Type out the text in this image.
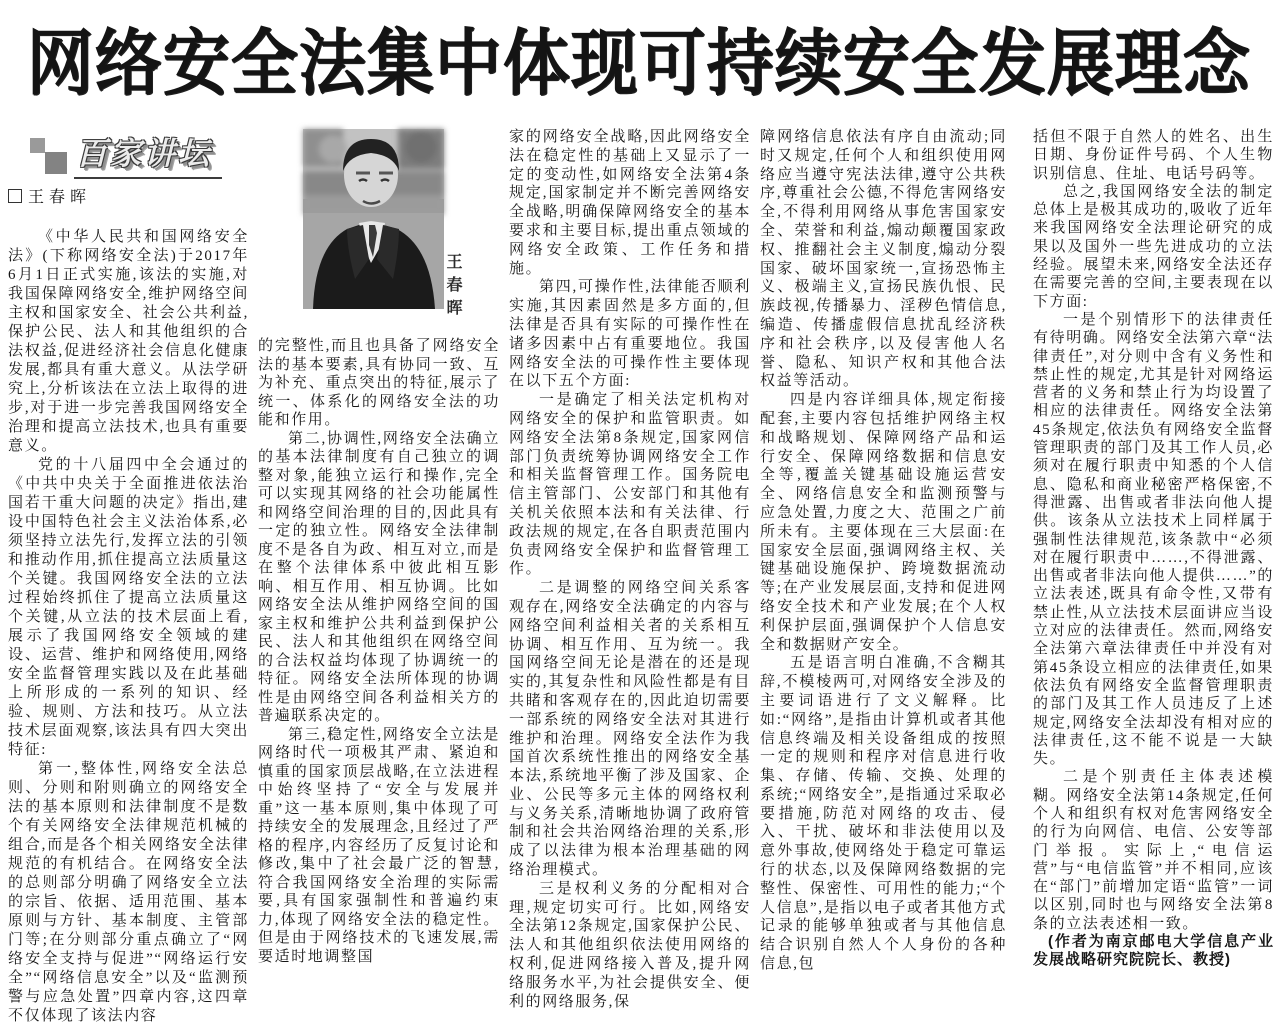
网络安全法集中体现可持续安全发展理念
百家讲坛
王春晖
王春晖

《中华人民共和国网络安全法》(下称网络安全法)于2017年6月1日正式实施,该法的实施,对我国保障网络安全,维护网络空间主权和国家安全、社会公共利益,保护公民、法人和其他组织的合法权益,促进经济社会信息化健康发展,都具有重大意义。从法学研究上,分析该法在立法上取得的进步,对于进一步完善我国网络安全治理和提高立法技术,也具有重要意义。

党的十八届四中全会通过的《中共中央关于全面推进依法治国若干重大问题的决定》指出,建设中国特色社会主义法治体系,必须坚持立法先行,发挥立法的引领和推动作用,抓住提高立法质量这个关键。我国网络安全法的立法过程始终抓住了提高立法质量这个关键,从立法的技术层面上看,展示了我国网络安全领域的建设、运营、维护和网络使用,网络安全监督管理实践以及在此基础上所形成的一系列的知识、经验、规则、方法和技巧。从立法技术层面观察,该法具有四大突出特征:

第一,整体性,网络安全法总则、分则和附则确立的网络安全法的基本原则和法律制度不是数个有关网络安全法律规范机械的组合,而是各个相关网络安全法律规范的有机结合。在网络安全法的总则部分明确了网络安全立法的宗旨、依据、适用范围、基本原则与方针、基本制度、主管部门等;在分则部分重点确立了“网络安全支持与促进”“网络运行安全”“网络信息安全”以及“监测预警与应急处置”四章内容,这四章不仅体现了该法内容

的完整性,而且也具备了网络安全法的基本要素,具有协同一致、互为补充、重点突出的特征,展示了统一、体系化的网络安全法的功能和作用。

第二,协调性,网络安全法确立的基本法律制度有自己独立的调整对象,能独立运行和操作,完全可以实现其网络的社会功能属性和网络空间治理的目的,因此具有一定的独立性。网络安全法律制度不是各自为政、相互对立,而是在整个法律体系中彼此相互影响、相互作用、相互协调。比如网络安全法从维护网络空间的国家主权和维护公共利益到保护公民、法人和其他组织在网络空间的合法权益均体现了协调统一的特征。网络安全法所体现的协调性是由网络空间各利益相关方的普遍联系决定的。

第三,稳定性,网络安全立法是网络时代一项极其严肃、紧迫和慎重的国家顶层战略,在立法进程中始终坚持了“安全与发展并重”这一基本原则,集中体现了可持续安全的发展理念,且经过了严格的程序,内容经历了反复讨论和修改,集中了社会最广泛的智慧,符合我国网络安全治理的实际需要,具有国家强制性和普遍约束力,体现了网络安全法的稳定性。但是由于网络技术的飞速发展,需要适时地调整国

家的网络安全战略,因此网络安全法在稳定性的基础上又显示了一定的变动性,如网络安全法第4条规定,国家制定并不断完善网络安全战略,明确保障网络安全的基本要求和主要目标,提出重点领域的网络安全政策、工作任务和措施。

第四,可操作性,法律能否顺利实施,其因素固然是多方面的,但法律是否具有实际的可操作性在诸多因素中占有重要地位。我国网络安全法的可操作性主要体现在以下五个方面:

一是确定了相关法定机构对网络安全的保护和监管职责。如网络安全法第8条规定,国家网信部门负责统筹协调网络安全工作和相关监督管理工作。国务院电信主管部门、公安部门和其他有关机关依照本法和有关法律、行政法规的规定,在各自职责范围内负责网络安全保护和监督管理工作。

二是调整的网络空间关系客观存在,网络安全法确定的内容与网络空间利益相关者的关系相互协调、相互作用、互为统一。我国网络空间无论是潜在的还是现实的,其复杂性和风险性都是有目共睹和客观存在的,因此迫切需要一部系统的网络安全法对其进行维护和治理。网络安全法作为我国首次系统性推出的网络安全基本法,系统地平衡了涉及国家、企业、公民等多元主体的网络权利与义务关系,清晰地协调了政府管制和社会共治网络治理的关系,形成了以法律为根本治理基础的网络治理模式。

三是权利义务的分配相对合理,规定切实可行。比如,网络安全法第12条规定,国家保护公民、法人和其他组织依法使用网络的权利,促进网络接入普及,提升网络服务水平,为社会提供安全、便利的网络服务,保

障网络信息依法有序自由流动;同时又规定,任何个人和组织使用网络应当遵守宪法法律,遵守公共秩序,尊重社会公德,不得危害网络安全,不得利用网络从事危害国家安全、荣誉和利益,煽动颠覆国家政权、推翻社会主义制度,煽动分裂国家、破坏国家统一,宣扬恐怖主义、极端主义,宣扬民族仇恨、民族歧视,传播暴力、淫秽色情信息,编造、传播虚假信息扰乱经济秩序和社会秩序,以及侵害他人名誉、隐私、知识产权和其他合法权益等活动。

四是内容详细具体,规定衔接配套,主要内容包括维护网络主权和战略规划、保障网络产品和运行安全、保障网络数据和信息安全等,覆盖关键基础设施运营安全、网络信息安全和监测预警与应急处置,力度之大、范围之广前所未有。主要体现在三大层面:在国家安全层面,强调网络主权、关键基础设施保护、跨境数据流动等;在产业发展层面,支持和促进网络安全技术和产业发展;在个人权利保护层面,强调保护个人信息安全和数据财产安全。

五是语言明白准确,不含糊其辞,不模棱两可,对网络安全涉及的主要词语进行了文义解释。比如:“网络”,是指由计算机或者其他信息终端及相关设备组成的按照一定的规则和程序对信息进行收集、存储、传输、交换、处理的系统;“网络安全”,是指通过采取必要措施,防范对网络的攻击、侵入、干扰、破坏和非法使用以及意外事故,使网络处于稳定可靠运行的状态,以及保障网络数据的完整性、保密性、可用性的能力;“个人信息”,是指以电子或者其他方式记录的能够单独或者与其他信息结合识别自然人个人身份的各种信息,包

括但不限于自然人的姓名、出生日期、身份证件号码、个人生物识别信息、住址、电话号码等。

总之,我国网络安全法的制定总体上是极其成功的,吸收了近年来我国网络安全法理论研究的成果以及国外一些先进成功的立法经验。展望未来,网络安全法还存在需要完善的空间,主要表现在以下方面:

一是个别情形下的法律责任有待明确。网络安全法第六章“法律责任”,对分则中含有义务性和禁止性的规定,尤其是针对网络运营者的义务和禁止行为均设置了相应的法律责任。网络安全法第45条规定,依法负有网络安全监督管理职责的部门及其工作人员,必须对在履行职责中知悉的个人信息、隐私和商业秘密严格保密,不得泄露、出售或者非法向他人提供。该条从立法技术上同样属于强制性法律规范,该条款中“必须对在履行职责中……,不得泄露、出售或者非法向他人提供……”的立法表述,既具有命令性,又带有禁止性,从立法技术层面讲应当设立对应的法律责任。然而,网络安全法第六章法律责任中并没有对第45条设立相应的法律责任,如果依法负有网络安全监督管理职责的部门及其工作人员违反了上述规定,网络安全法却没有相对应的法律责任,这不能不说是一大缺失。

二是个别责任主体表述模糊。网络安全法第14条规定,任何个人和组织有权对危害网络安全的行为向网信、电信、公安等部门举报。实际上,“电信运营”与“电信监管”并不相同,应该在“部门”前增加定语“监管”一词以区别,同时也与网络安全法第8条的立法表述相一致。

(作者为南京邮电大学信息产业发展战略研究院院长、教授)
